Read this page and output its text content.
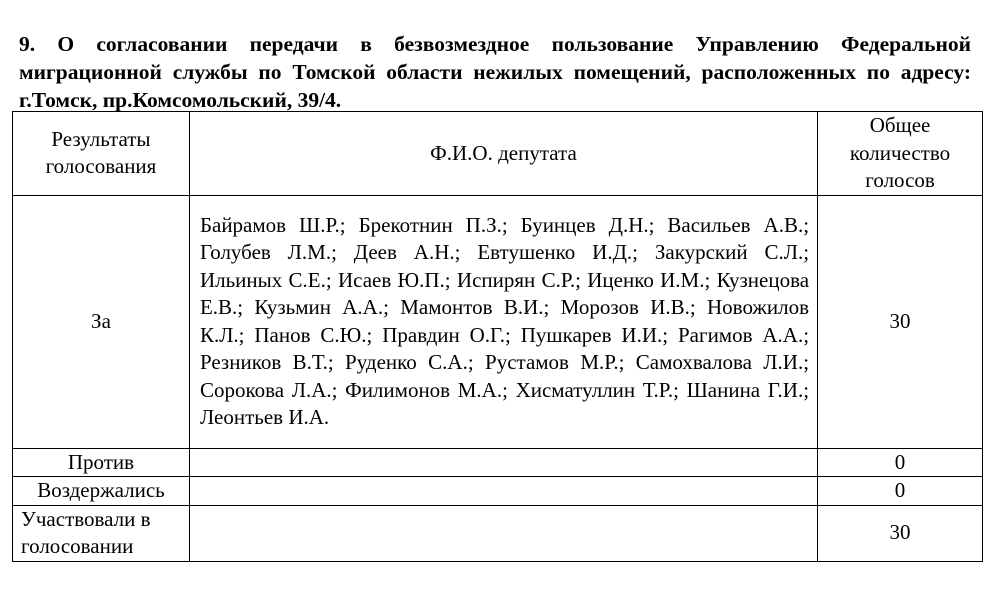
9. О согласовании передачи в безвозмездное пользование Управлению Федеральной миграционной службы по Томской области нежилых помещений, расположенных по адресу: г.Томск, пр.Комсомольский, 39/4.
Результаты голосования	Ф.И.О. депутата	Общее количество голосов
За	Байрамов Ш.Р.; Брекотнин П.З.; Буинцев Д.Н.; Васильев А.В.; Голубев Л.М.; Деев А.Н.; Евтушенко И.Д.; Закурский С.Л.; Ильиных С.Е.; Исаев Ю.П.; Испирян С.Р.; Иценко И.М.; Кузнецова Е.В.; Кузьмин А.А.; Мамонтов В.И.; Морозов И.В.; Новожилов К.Л.; Панов С.Ю.; Правдин О.Г.; Пушкарев И.И.; Рагимов А.А.; Резников В.Т.; Руденко С.А.; Рустамов М.Р.; Самохвалова Л.И.; Сорокова Л.А.; Филимонов М.А.; Хисматуллин Т.Р.; Шанина Г.И.; Леонтьев И.А.	30
Против		0
Воздержались		0
Участвовали в голосовании		30
